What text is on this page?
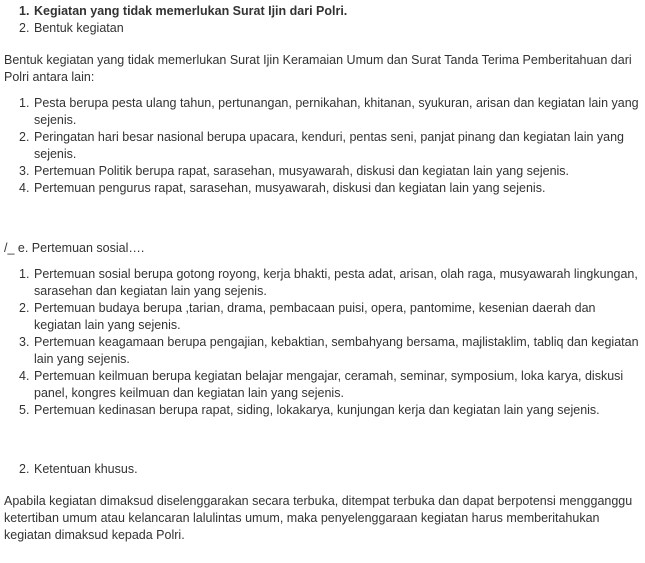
1. Kegiatan yang tidak memerlukan Surat Ijin dari Polri.
2. Bentuk kegiatan

Bentuk kegiatan yang tidak memerlukan Surat Ijin Keramaian Umum dan Surat Tanda Terima Pemberitahuan dari Polri antara lain:

1. Pesta berupa pesta ulang tahun, pertunangan, pernikahan, khitanan, syukuran, arisan dan kegiatan lain yang sejenis.
2. Peringatan hari besar nasional berupa upacara, kenduri, pentas seni, panjat pinang dan kegiatan lain yang sejenis.
3. Pertemuan Politik berupa rapat, sarasehan, musyawarah, diskusi dan kegiatan lain yang sejenis.
4. Pertemuan pengurus rapat, sarasehan, musyawarah, diskusi dan kegiatan lain yang sejenis.

/_ e. Pertemuan sosial….

1. Pertemuan sosial berupa gotong royong, kerja bhakti, pesta adat, arisan, olah raga, musyawarah lingkungan, sarasehan dan kegiatan lain yang sejenis.
2. Pertemuan budaya berupa ,tarian, drama, pembacaan puisi, opera, pantomime, kesenian daerah dan kegiatan lain yang sejenis.
3. Pertemuan keagamaan berupa pengajian, kebaktian, sembahyang bersama, majlistaklim, tabliq dan kegiatan lain yang sejenis.
4. Pertemuan keilmuan berupa kegiatan belajar mengajar, ceramah, seminar, symposium, loka karya, diskusi panel, kongres keilmuan dan kegiatan lain yang sejenis.
5. Pertemuan kedinasan berupa rapat, siding, lokakarya, kunjungan kerja dan kegiatan lain yang sejenis.
2. Ketentuan khusus.

Apabila kegiatan dimaksud diselenggarakan secara terbuka, ditempat terbuka dan dapat berpotensi mengganggu ketertiban umum atau kelancaran lalulintas umum, maka penyelenggaraan kegiatan harus memberitahukan kegiatan dimaksud kepada Polri.
